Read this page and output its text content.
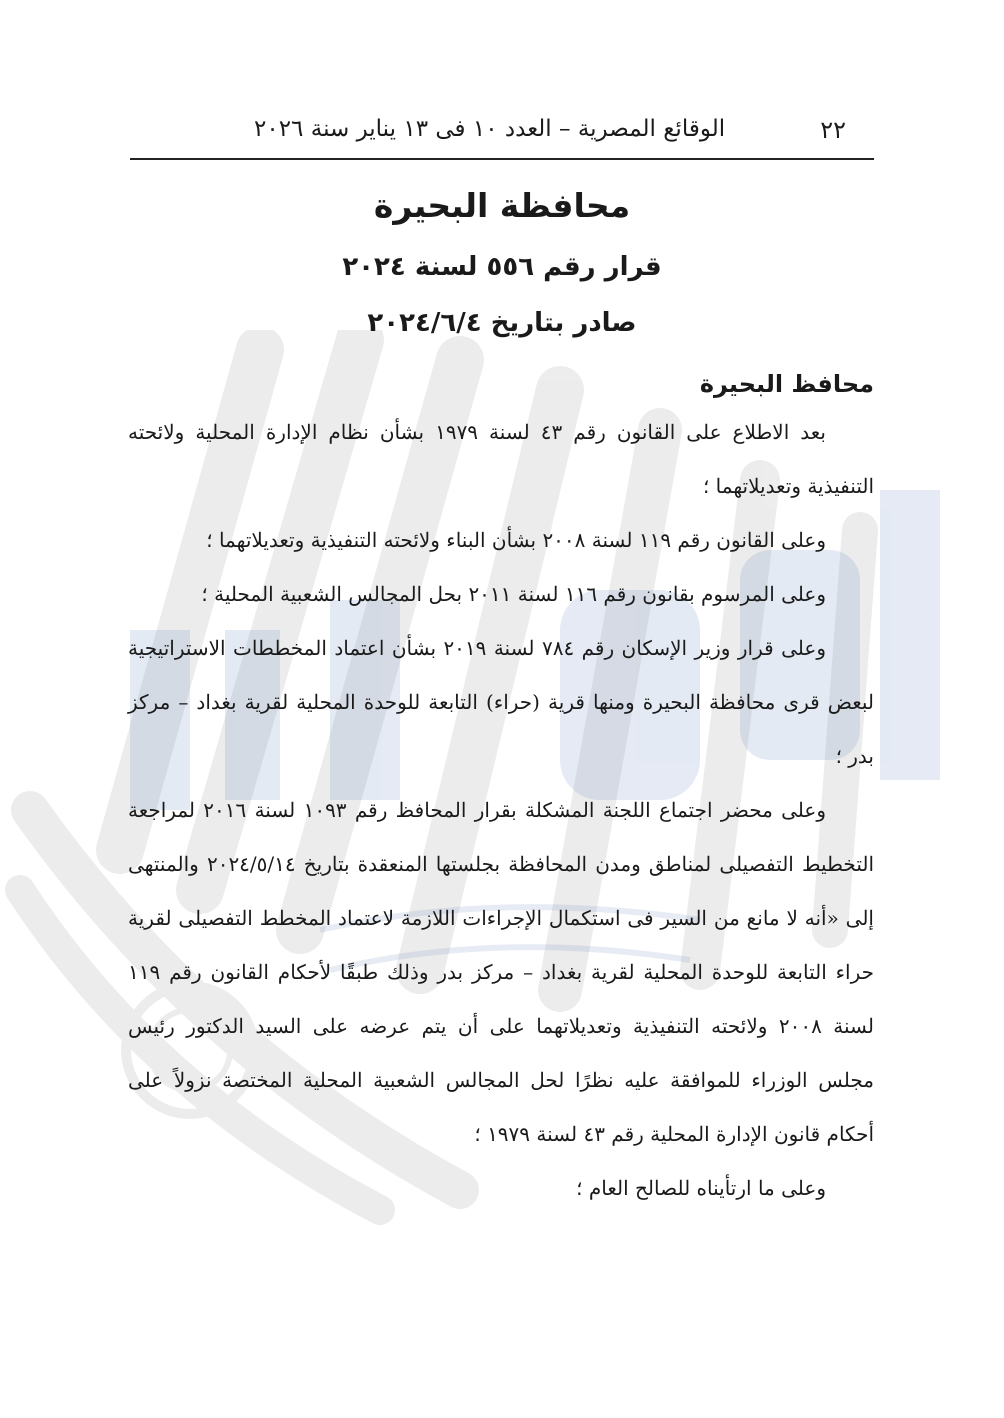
٢٢
الوقائع المصرية – العدد ١٠ فى ١٣ يناير سنة ٢٠٢٦
محافظة البحيرة
قرار رقم ٥٥٦ لسنة ٢٠٢٤
صادر بتاريخ ٢٠٢٤/٦/٤
محافظ البحيرة

بعد الاطلاع على القانون رقم ٤٣ لسنة ١٩٧٩ بشأن نظام الإدارة المحلية ولائحته التنفيذية وتعديلاتهما ؛

وعلى القانون رقم ١١٩ لسنة ٢٠٠٨ بشأن البناء ولائحته التنفيذية وتعديلاتهما ؛

وعلى المرسوم بقانون رقم ١١٦ لسنة ٢٠١١ بحل المجالس الشعبية المحلية ؛

وعلى قرار وزير الإسكان رقم ٧٨٤ لسنة ٢٠١٩ بشأن اعتماد المخططات الاستراتيجية لبعض قرى محافظة البحيرة ومنها قرية (حراء) التابعة للوحدة المحلية لقرية بغداد – مركز بدر ؛

وعلى محضر اجتماع اللجنة المشكلة بقرار المحافظ رقم ١٠٩٣ لسنة ٢٠١٦ لمراجعة التخطيط التفصيلى لمناطق ومدن المحافظة بجلستها المنعقدة بتاريخ ٢٠٢٤/٥/١٤ والمنتهى إلى «أنه لا مانع من السير فى استكمال الإجراءات اللازمة لاعتماد المخطط التفصيلى لقرية حراء التابعة للوحدة المحلية لقرية بغداد – مركز بدر وذلك طبقًا لأحكام القانون رقم ١١٩ لسنة ٢٠٠٨ ولائحته التنفيذية وتعديلاتهما على أن يتم عرضه على السيد الدكتور رئيس مجلس الوزراء للموافقة عليه نظرًا لحل المجالس الشعبية المحلية المختصة نزولاً على أحكام قانون الإدارة المحلية رقم ٤٣ لسنة ١٩٧٩ ؛

وعلى ما ارتأيناه للصالح العام ؛
